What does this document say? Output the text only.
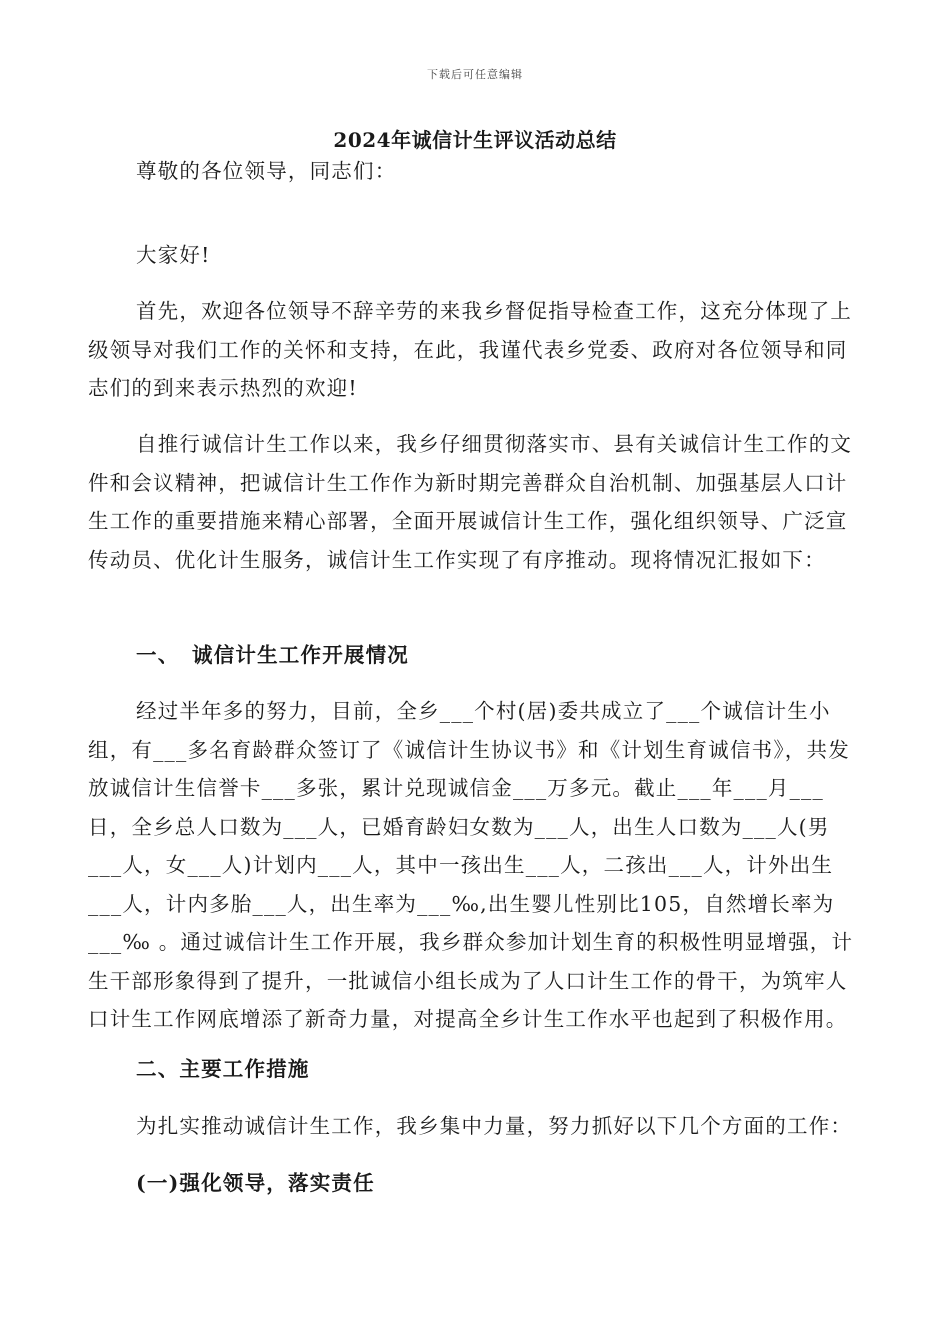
下载后可任意编辑
2024年诚信计生评议活动总结
尊敬的各位领导，同志们：
大家好!
首先，欢迎各位领导不辞辛劳的来我乡督促指导检查工作，这充分体现了上级领导对我们工作的关怀和支持，在此，我谨代表乡党委、政府对各位领导和同志们的到来表示热烈的欢迎!
自推行诚信计生工作以来，我乡仔细贯彻落实市、县有关诚信计生工作的文件和会议精神，把诚信计生工作作为新时期完善群众自治机制、加强基层人口计生工作的重要措施来精心部署，全面开展诚信计生工作，强化组织领导、广泛宣传动员、优化计生服务，诚信计生工作实现了有序推动。现将情况汇报如下：
一、 诚信计生工作开展情况
经过半年多的努力，目前，全乡___个村(居)委共成立了___个诚信计生小组，有___多名育龄群众签订了《诚信计生协议书》和《计划生育诚信书》，共发放诚信计生信誉卡___多张，累计兑现诚信金___万多元。截止___年___月___日，全乡总人口数为___人，已婚育龄妇女数为___人，出生人口数为___人(男___人，女___人)计划内___人，其中一孩出生___人，二孩出___人，计外出生___人，计内多胎___人，出生率为___‰,出生婴儿性别比105，自然增长率为___‰ 。通过诚信计生工作开展，我乡群众参加计划生育的积极性明显增强，计生干部形象得到了提升，一批诚信小组长成为了人口计生工作的骨干，为筑牢人口计生工作网底增添了新奇力量，对提高全乡计生工作水平也起到了积极作用。
二、主要工作措施
为扎实推动诚信计生工作，我乡集中力量，努力抓好以下几个方面的工作：
(一)强化领导，落实责任
